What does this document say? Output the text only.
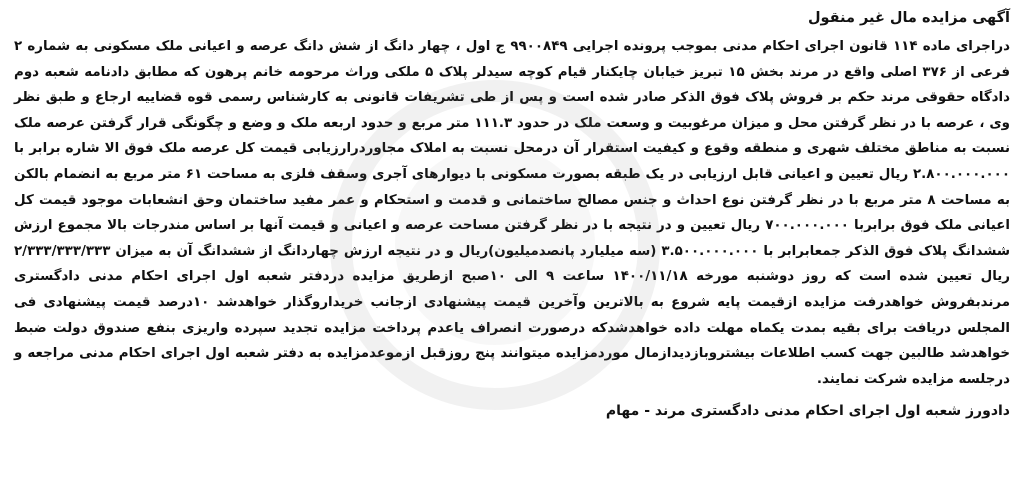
آگهی مزایده مال غیر منقول

دراجرای ماده ۱۱۴ قانون اجرای احکام مدنی بموجب پرونده اجرایی ۹۹۰۰۸۴۹ ج اول ، چهار دانگ از شش دانگ عرصه و اعیانی ملک مسکونی به شماره ۲ فرعی از ۳۷۶ اصلی واقع در مرند بخش ۱۵ تبریز خیابان چایکنار قیام کوچه سیدلر پلاک ۵ ملکی وراث مرحومه خانم پرهون که مطابق دادنامه شعبه دوم دادگاه حقوقی مرند حکم بر فروش پلاک فوق الذکر صادر شده است و پس از طی تشریفات قانونی به کارشناس رسمی قوه قضاییه ارجاع و طبق نظر وی ، عرصه با در نظر گرفتن محل و میزان مرغوبیت و وسعت ملک در حدود ۱۱۱.۳ متر مربع و حدود اربعه ملک و وضع و چگونگی قرار گرفتن عرصه ملک نسبت به مناطق مختلف شهری و منطقه وقوع و کیفیت استقرار آن درمحل نسبت به املاک مجاوردرارزیابی قیمت کل عرصه ملک فوق الا شاره برابر با ۲.۸۰۰.۰۰۰.۰۰۰ ریال تعیین و اعیانی قابل ارزیابی در یک طبقه بصورت مسکونی با دیوارهای آجری وسقف فلزی به مساحت ۶۱ متر مربع به انضمام بالکن به مساحت ۸ متر مربع با در نظر گرفتن نوع احداث و جنس مصالح ساختمانی و قدمت و استحکام و عمر مفید ساختمان وحق انشعابات موجود قیمت کل اعیانی ملک فوق برابربا ۷۰۰.۰۰۰.۰۰۰ ریال تعیین و در نتیجه با در نظر گرفتن مساحت عرصه و اعیانی و قیمت آنها بر اساس مندرجات بالا مجموع ارزش ششدانگ پلاک فوق الذکر جمعابرابر با ۳.۵۰۰.۰۰۰.۰۰۰ (سه میلیارد پانصدمیلیون)ریال و در نتیجه ارزش چهاردانگ از ششدانگ آن به میزان ۲/۳۳۳/۳۳۳/۳۳۳ ریال تعیین شده است که روز دوشنبه مورخه ۱۴۰۰/۱۱/۱۸ ساعت ۹ الی ۱۰صبح ازطریق مزایده دردفتر شعبه اول اجرای احکام مدنی دادگستری مرندبفروش خواهدرفت مزایده ازقیمت پایه شروع به بالاترین وآخرین قیمت پیشنهادی ازجانب خریداروگذار خواهدشد ۱۰درصد قیمت پیشنهادی فی المجلس دریافت برای بقیه بمدت یکماه مهلت داده خواهدشدکه درصورت انصراف یاعدم پرداخت مزایده تجدید سپرده واریزی بنفع صندوق دولت ضبط خواهدشد طالبین جهت کسب اطلاعات بیشتروبازدیدازمال موردمزایده میتوانند پنج روزقبل ازموعدمزایده به دفتر شعبه اول اجرای احکام مدنی مراجعه و درجلسه مزایده شرکت نمایند.

دادورز شعبه اول اجرای احکام مدنی دادگستری مرند - مهام
